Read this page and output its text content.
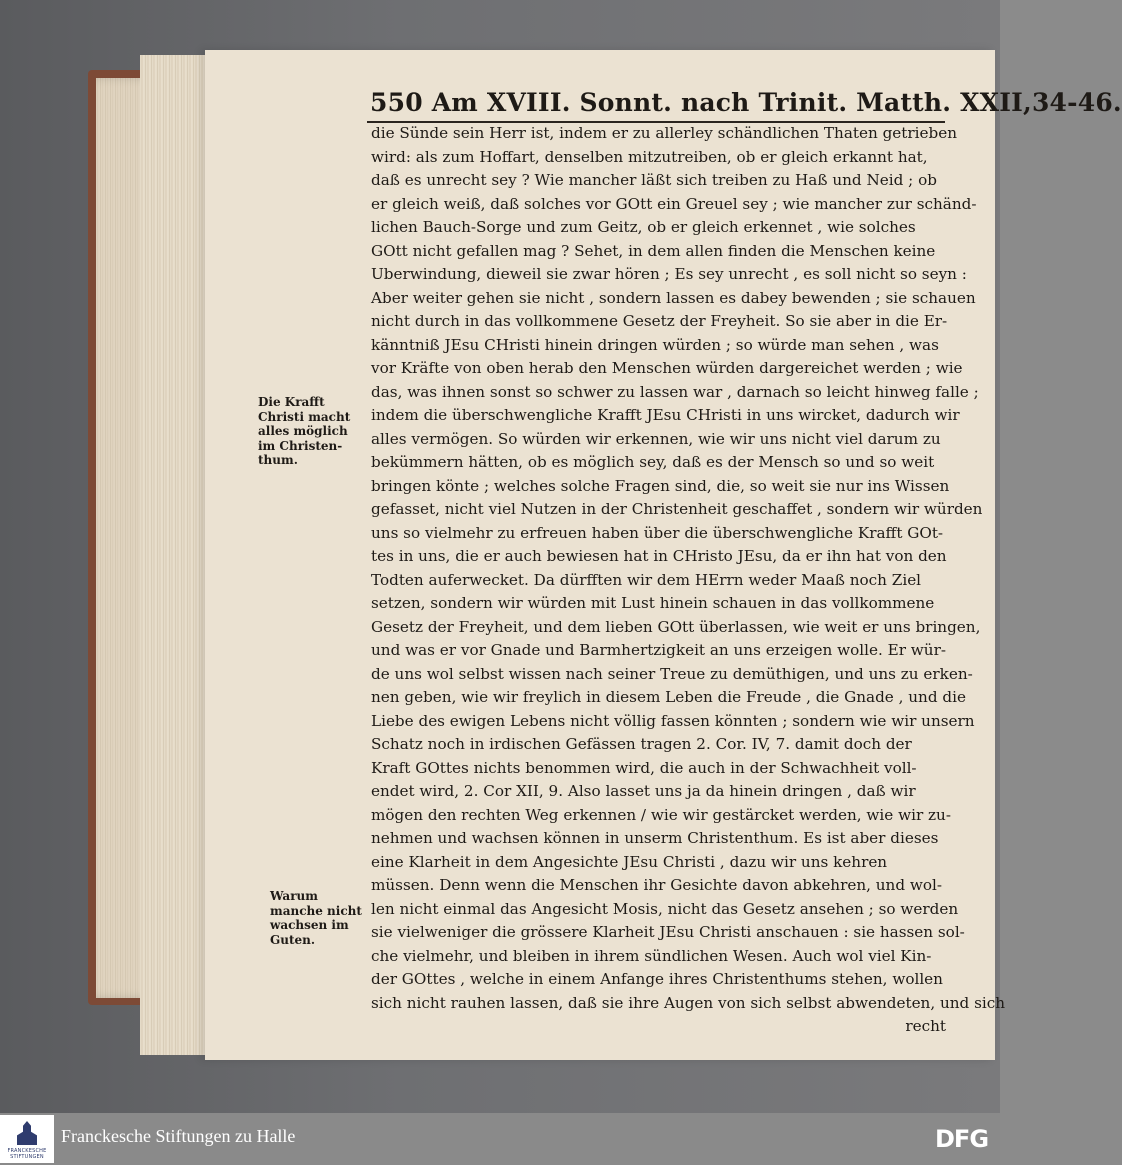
550 Am XVIII. Sonnt. nach Trinit. Matth. XXII,34-46.
die Sünde sein Herr ist, indem er zu allerley schändlichen Thaten getrieben
wird: als zum Hoffart, denselben mitzutreiben, ob er gleich erkannt hat,
daß es unrecht sey ? Wie mancher läßt sich treiben zu Haß und Neid ; ob
er gleich weiß, daß solches vor GOtt ein Greuel sey ; wie mancher zur schänd-
lichen Bauch-Sorge und zum Geitz, ob er gleich erkennet , wie solches
GOtt nicht gefallen mag ? Sehet, in dem allen finden die Menschen keine
Uberwindung, dieweil sie zwar hören ; Es sey unrecht , es soll nicht so seyn :
Aber weiter gehen sie nicht , sondern lassen es dabey bewenden ; sie schauen
nicht durch in das vollkommene Gesetz der Freyheit. So sie aber in die Er-
känntniß JEsu CHristi hinein dringen würden ; so würde man sehen , was
vor Kräfte von oben herab den Menschen würden dargereichet werden ; wie
das, was ihnen sonst so schwer zu lassen war , darnach so leicht hinweg falle ;
indem die überschwengliche Krafft JEsu CHristi in uns wircket, dadurch wir
alles vermögen. So würden wir erkennen, wie wir uns nicht viel darum zu
bekümmern hätten, ob es möglich sey, daß es der Mensch so und so weit
bringen könte ; welches solche Fragen sind, die, so weit sie nur ins Wissen
gefasset, nicht viel Nutzen in der Christenheit geschaffet , sondern wir würden
uns so vielmehr zu erfreuen haben über die überschwengliche Krafft GOt-
tes in uns, die er auch bewiesen hat in CHristo JEsu, da er ihn hat von den
Todten auferwecket. Da dürfften wir dem HErrn weder Maaß noch Ziel
setzen, sondern wir würden mit Lust hinein schauen in das vollkommene
Gesetz der Freyheit, und dem lieben GOtt überlassen, wie weit er uns bringen,
und was er vor Gnade und Barmhertzigkeit an uns erzeigen wolle. Er wür-
de uns wol selbst wissen nach seiner Treue zu demüthigen, und uns zu erken-
nen geben, wie wir freylich in diesem Leben die Freude , die Gnade , und die
Liebe des ewigen Lebens nicht völlig fassen könnten ; sondern wie wir unsern
Schatz noch in irdischen Gefässen tragen 2. Cor. IV, 7. damit doch der
Kraft GOttes nichts benommen wird, die auch in der Schwachheit voll-
endet wird, 2. Cor XII, 9. Also lasset uns ja da hinein dringen , daß wir
mögen den rechten Weg erkennen / wie wir gestärcket werden, wie wir zu-
nehmen und wachsen können in unserm Christenthum. Es ist aber dieses
eine Klarheit in dem Angesichte JEsu Christi , dazu wir uns kehren
müssen. Denn wenn die Menschen ihr Gesichte davon abkehren, und wol-
len nicht einmal das Angesicht Mosis, nicht das Gesetz ansehen ; so werden
sie vielweniger die grössere Klarheit JEsu Christi anschauen : sie hassen sol-
che vielmehr, und bleiben in ihrem sündlichen Wesen. Auch wol viel Kin-
der GOttes , welche in einem Anfange ihres Christenthums stehen, wollen
sich nicht rauhen lassen, daß sie ihre Augen von sich selbst abwendeten, und sich
recht
Die Krafft
Christi macht
alles möglich
im Christen-
thum.
Warum
manche nicht
wachsen im
Guten.
FRANCKESCHE STIFTUNGEN
Franckesche Stiftungen zu Halle	DFG
